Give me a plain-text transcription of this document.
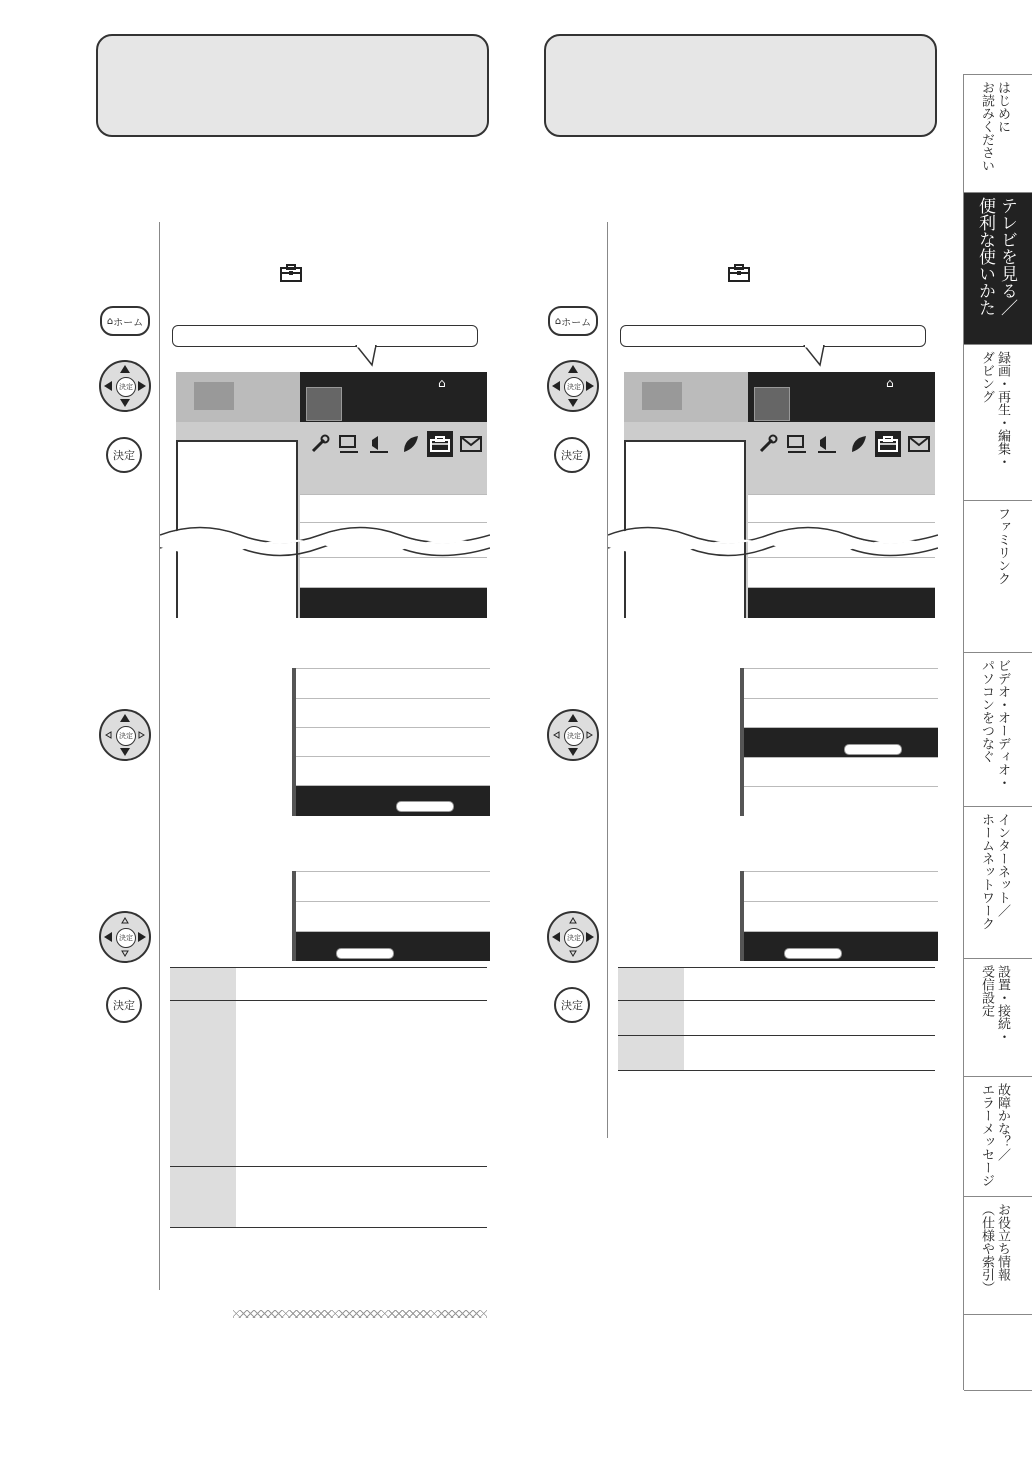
⌂ ホーム
決定
決定
⌂
決定
決定
決定
⌂ ホーム
決定
決定
⌂
決定
決定
決定
はじめに
お読みください
テレビを見る／
便利な使いかた
録画・再生・編集・
ダビング
ファミリンク
ビデオ・オーディオ・
パソコンをつなぐ
インターネット／
ホームネットワーク
設置・接続・
受信設定
故障かな？／
エラーメッセージ
お役立ち情報
（仕様や索引）
